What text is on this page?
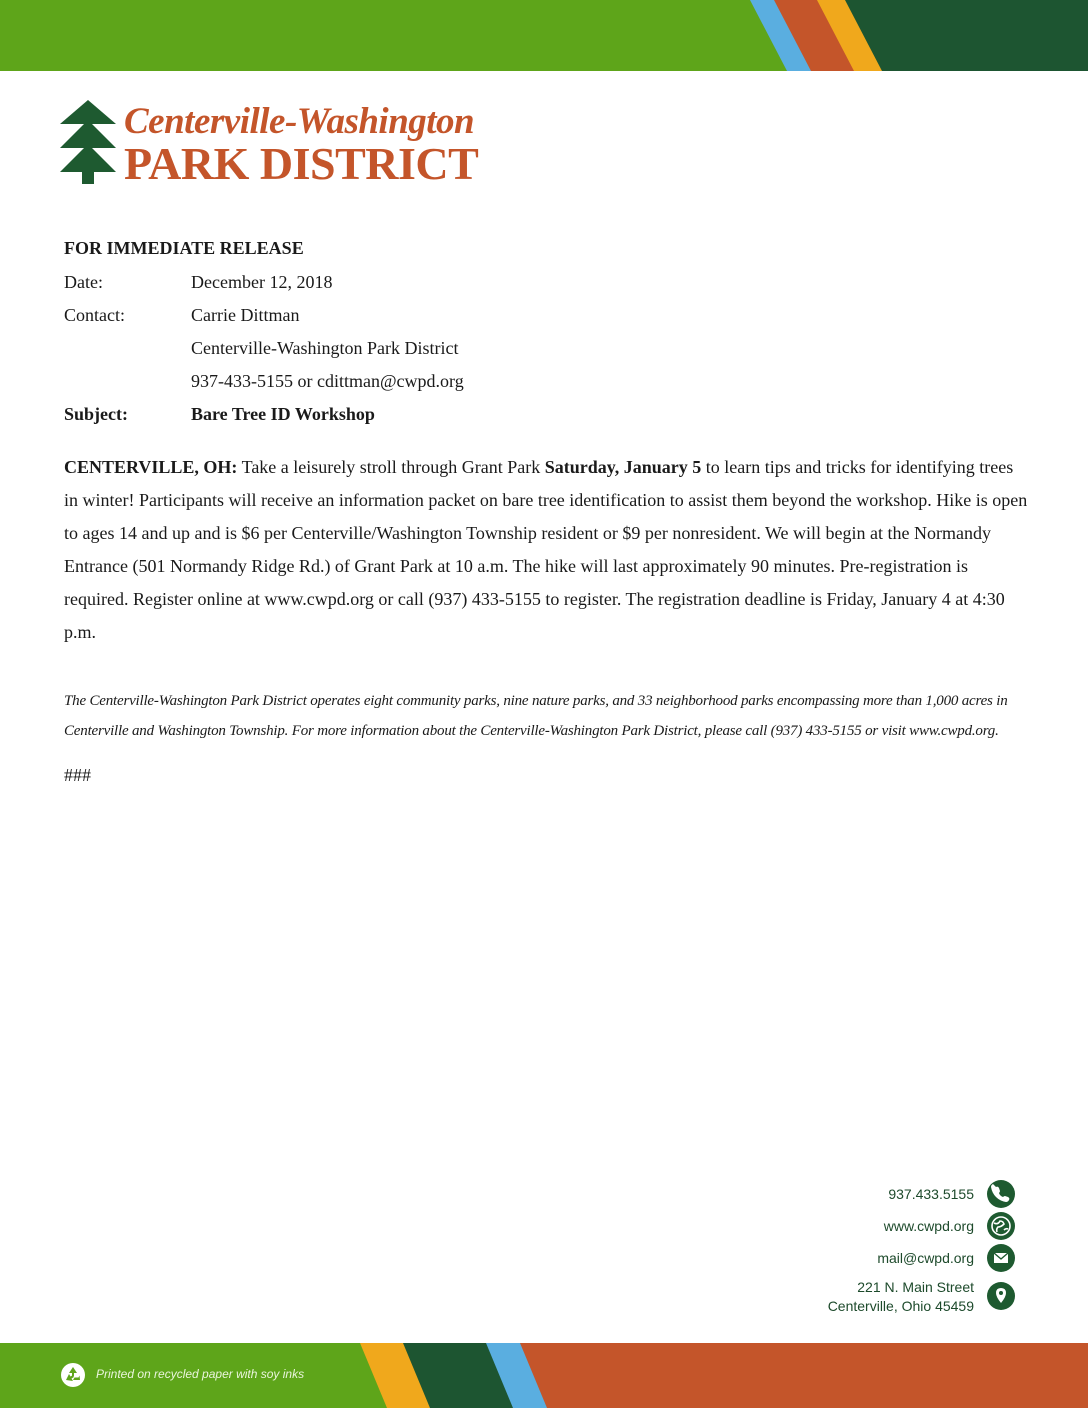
Centerville-Washington
PARK DISTRICT
FOR IMMEDIATE RELEASE
Date:	December 12, 2018
Contact:	Carrie Dittman
Centerville-Washington Park District
937-433-5155 or cdittman@cwpd.org
Subject:	Bare Tree ID Workshop

CENTERVILLE, OH: Take a leisurely stroll through Grant Park Saturday, January 5 to learn tips and tricks for identifying trees in winter! Participants will receive an information packet on bare tree identification to assist them beyond the workshop. Hike is open to ages 14 and up and is $6 per Centerville/Washington Township resident or $9 per nonresident. We will begin at the Normandy Entrance (501 Normandy Ridge Rd.) of Grant Park at 10 a.m. The hike will last approximately 90 minutes. Pre-registration is required. Register online at www.cwpd.org or call (937) 433-5155 to register. The registration deadline is Friday, January 4 at 4:30 p.m.

The Centerville-Washington Park District operates eight community parks, nine nature parks, and 33 neighborhood parks encompassing more than 1,000 acres in Centerville and Washington Township. For more information about the Centerville-Washington Park District, please call (937) 433-5155 or visit www.cwpd.org.

###
937.433.5155
www.cwpd.org
mail@cwpd.org
221 N. Main Street
Centerville, Ohio 45459
Printed on recycled paper with soy inks
